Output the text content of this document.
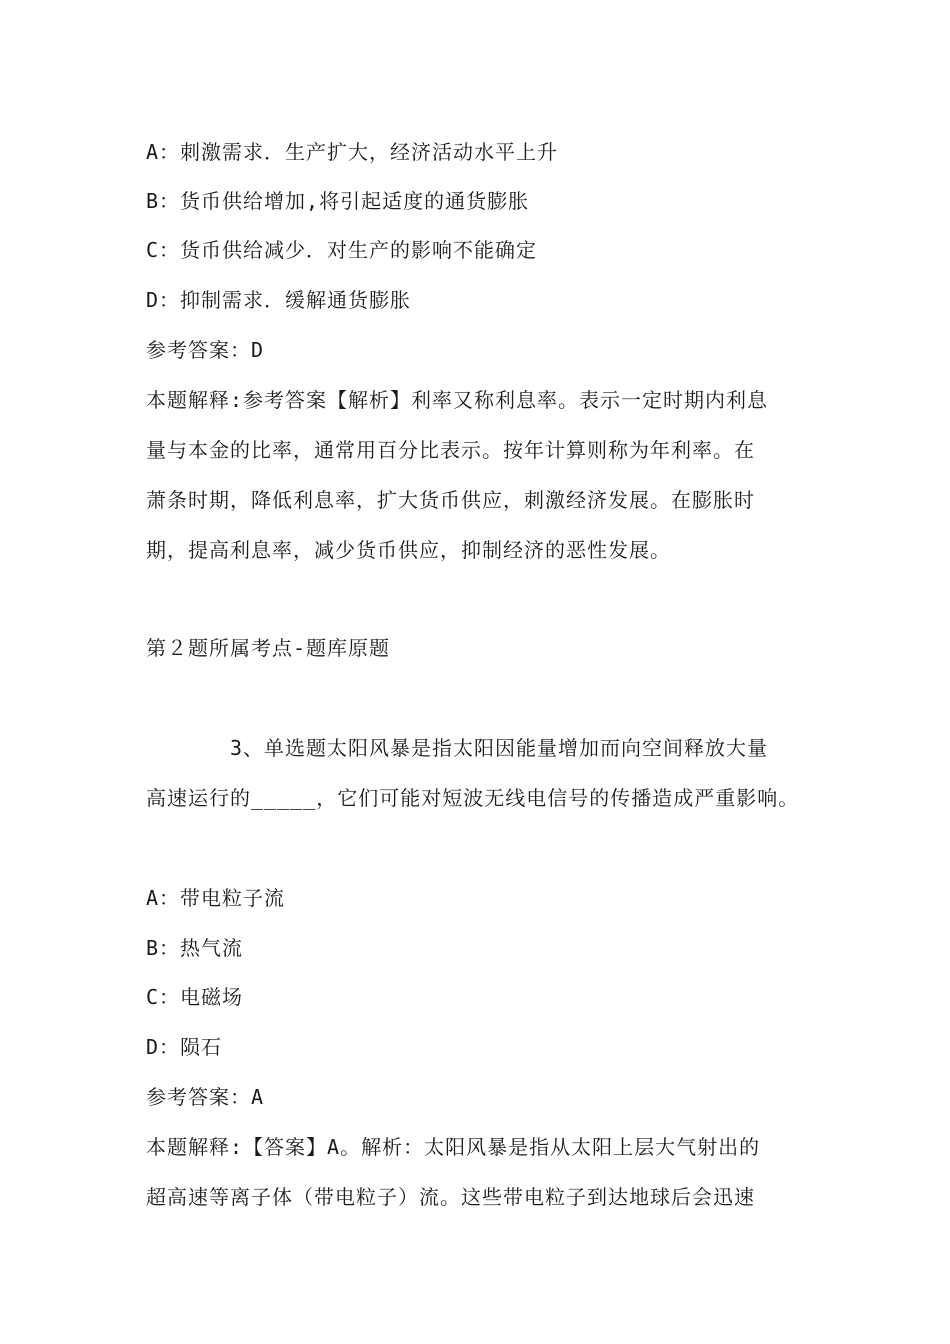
A：刺激需求．生产扩大，经济活动水平上升
B：货币供给增加,将引起适度的通货膨胀
C：货币供给减少．对生产的影响不能确定
D：抑制需求．缓解通货膨胀
参考答案：D
本题解释:参考答案【解析】利率又称利息率。表示一定时期内利息
量与本金的比率，通常用百分比表示。按年计算则称为年利率。在
萧条时期，降低利息率，扩大货币供应，刺激经济发展。在膨胀时
期，提高利息率，减少货币供应，抑制经济的恶性发展。
第２题所属考点-题库原题
3、单选题太阳风暴是指太阳因能量增加而向空间释放大量
高速运行的_____，它们可能对短波无线电信号的传播造成严重影响。
A：带电粒子流
B：热气流
C：电磁场
D：陨石
参考答案：A
本题解释:【答案】A。解析：太阳风暴是指从太阳上层大气射出的
超高速等离子体（带电粒子）流。这些带电粒子到达地球后会迅速
